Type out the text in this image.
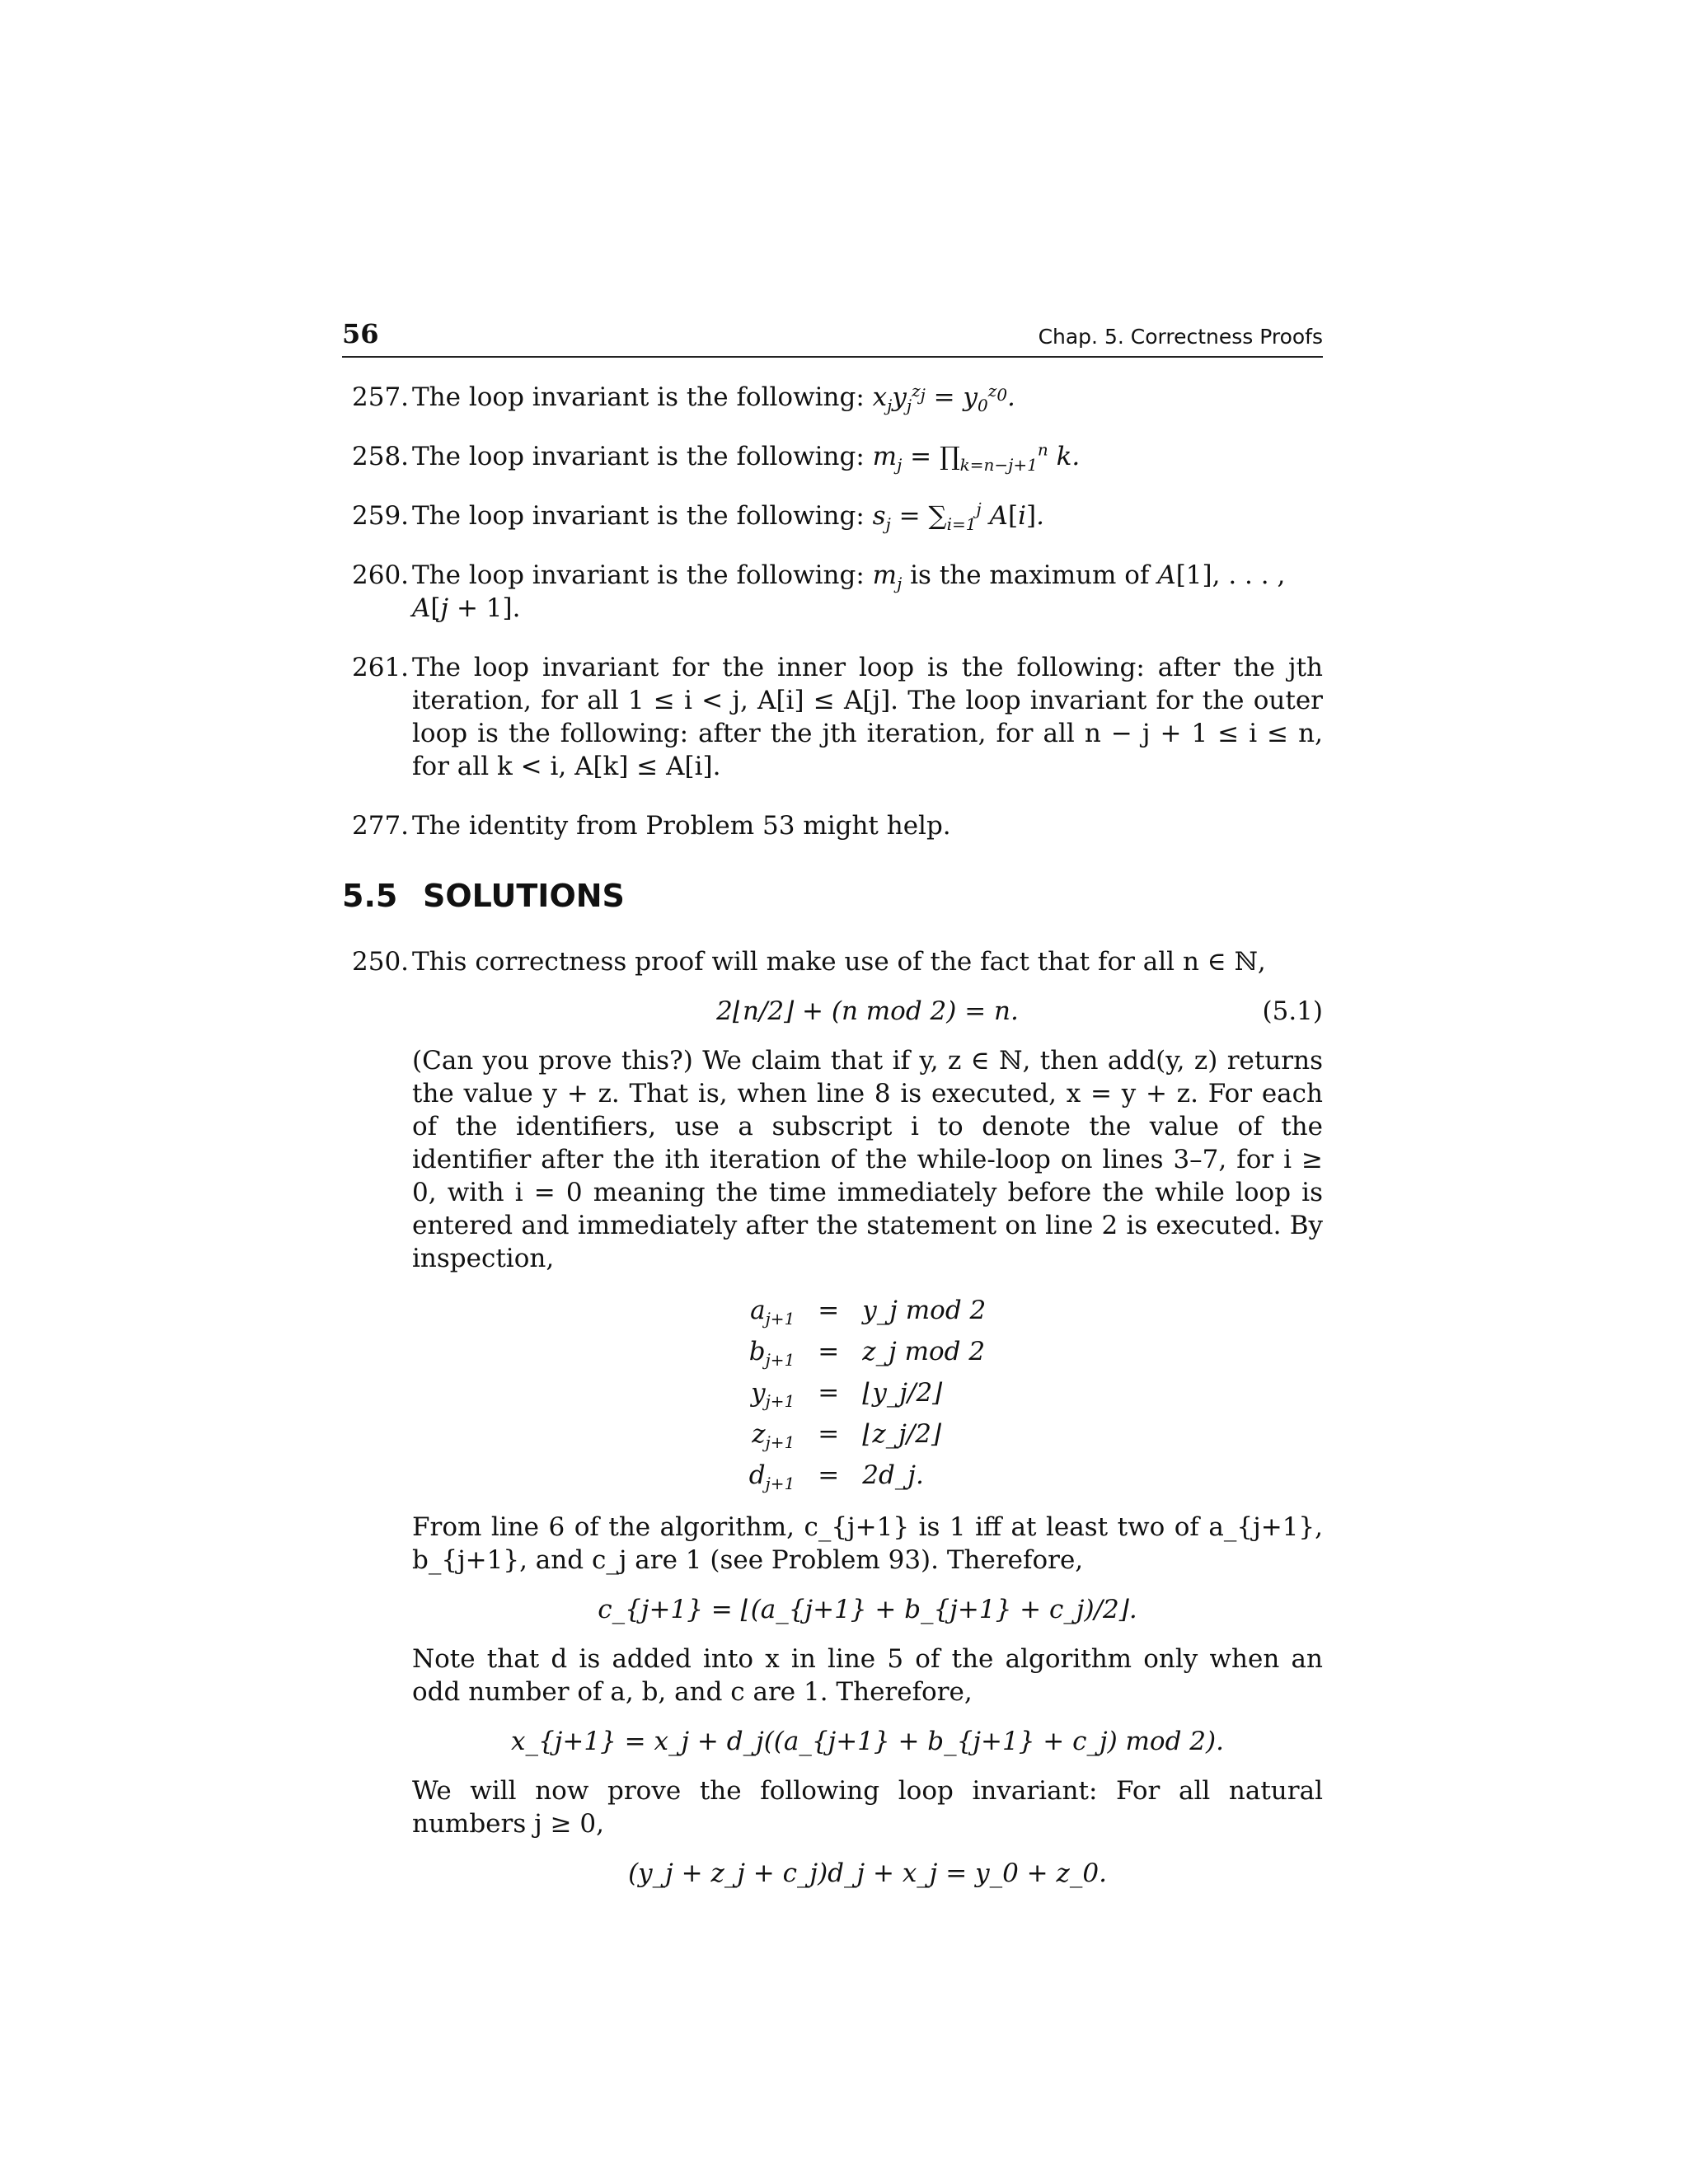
56	Chap. 5. Correctness Proofs
257. The loop invariant is the following: $x_jy_j^{z_j} = y_0^{z_0}$.
258. The loop invariant is the following: $m_j$ = $\prod_{k=n-j+1}^n$ k.
259. The loop invariant is the following: $s_j = \sum_{i=1}^j$ A[i].
260. The loop invariant is the following: $m_j$ is the maximum of A[1], . . . , A[j + 1].
261. The loop invariant for the inner loop is the following: after the jth iteration, for all 1 ≤ i < j, A[i] ≤ A[j]. The loop invariant for the outer loop is the following: after the jth iteration, for all n − j + 1 ≤ i ≤ n, for all k < i, A[k] ≤ A[i].
277. The identity from Problem 53 might help.
5.5 SOLUTIONS
250. This correctness proof will make use of the fact that for all n ∈ ℕ,
2⌊n/2⌋ + (n mod 2) = n.	(5.1)
(Can you prove this?) We claim that if y, z ∈ ℕ, then add(y, z) returns the value y + z. That is, when line 8 is executed, x = y + z. For each of the identifiers, use a subscript i to denote the value of the identifier after the ith iteration of the while-loop on lines 3–7, for i ≥ 0, with i = 0 meaning the time immediately before the while loop is entered and immediately after the statement on line 2 is executed. By inspection,
$a_{j+1}$	=	y_j mod 2
$b_{j+1}$	=	z_j mod 2
$y_{j+1}$	=	⌊y_j/2⌋
$z_{j+1}$	=	⌊z_j/2⌋
$d_{j+1}$	=	2d_j.
From line 6 of the algorithm, c_{j+1} is 1 iff at least two of a_{j+1}, b_{j+1}, and c_j are 1 (see Problem 93). Therefore,
c_{j+1} = ⌊(a_{j+1} + b_{j+1} + c_j)/2⌋.
Note that d is added into x in line 5 of the algorithm only when an odd number of a, b, and c are 1. Therefore,
x_{j+1} = x_j + d_j((a_{j+1} + b_{j+1} + c_j) mod 2).
We will now prove the following loop invariant: For all natural numbers j ≥ 0,
(y_j + z_j + c_j)d_j + x_j = y_0 + z_0.
